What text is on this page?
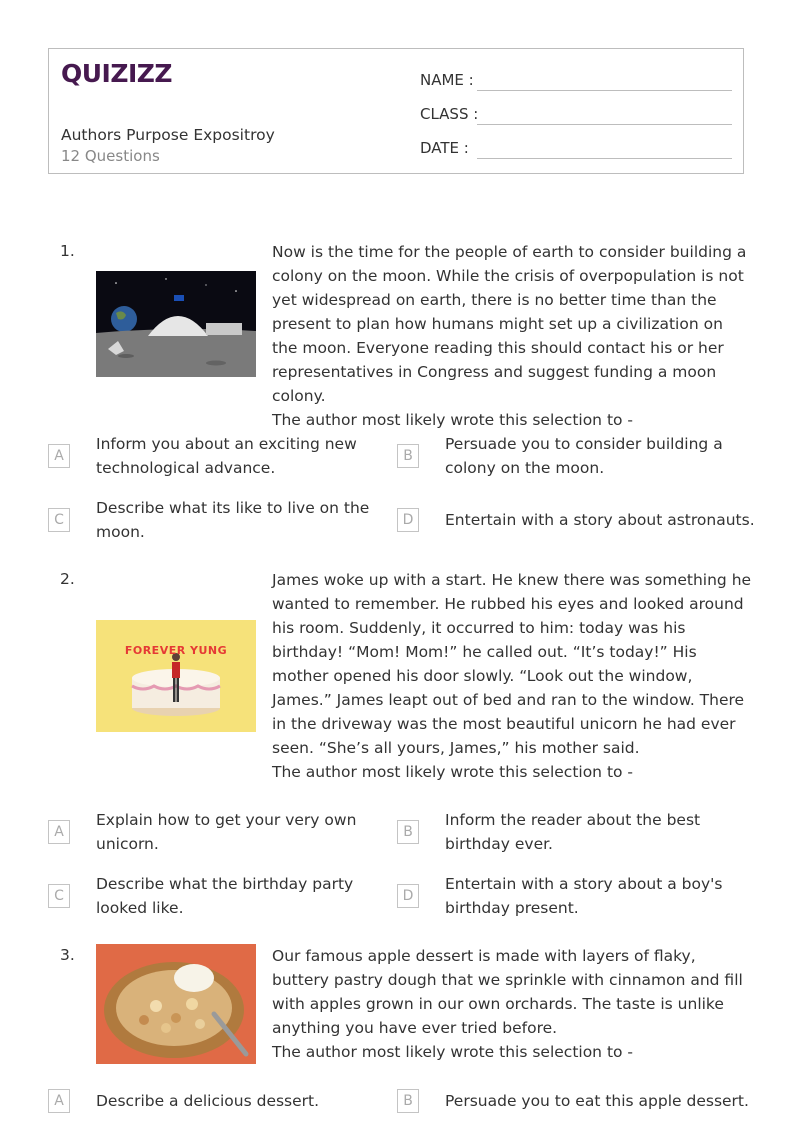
QUIZIZZ
Authors Purpose Expositroy
12 Questions
NAME :
CLASS :
DATE :
1.	Now is the time for the people of earth to consider building a colony on the moon. While the crisis of overpopulation is not yet widespread on earth, there is no better time than the present to plan how humans might set up a civilization on the moon. Everyone reading this should contact his or her representatives in Congress and suggest funding a moon colony.

The author most likely wrote this selection to -

A
Inform you about an exciting new technological advance.
B
Persuade you to consider building a colony on the moon.
C
Describe what its like to live on the moon.
D	Entertain with a story about astronauts.
2.
FOREVER YUNG

James woke up with a start. He knew there was something he wanted to remember. He rubbed his eyes and looked around his room. Suddenly, it occurred to him: today was his birthday! “Mom! Mom!” he called out. “It’s today!” His mother opened his door slowly. “Look out the window, James.” James leapt out of bed and ran to the window. There in the driveway was the most beautiful unicorn he had ever seen. “She’s all yours, James,” his mother said.

The author most likely wrote this selection to -

A
Explain how to get your very own unicorn.
B
Inform the reader about the best birthday ever.
C
Describe what the birthday party looked like.
D
Entertain with a story about a boy's birthday present.
3.	Our famous apple dessert is made with layers of flaky, buttery pastry dough that we sprinkle with cinnamon and fill with apples grown in our own orchards. The taste is unlike anything you have ever tried before.

The author most likely wrote this selection to -

A	Describe a delicious dessert.	B	Persuade you to eat this apple dessert.
